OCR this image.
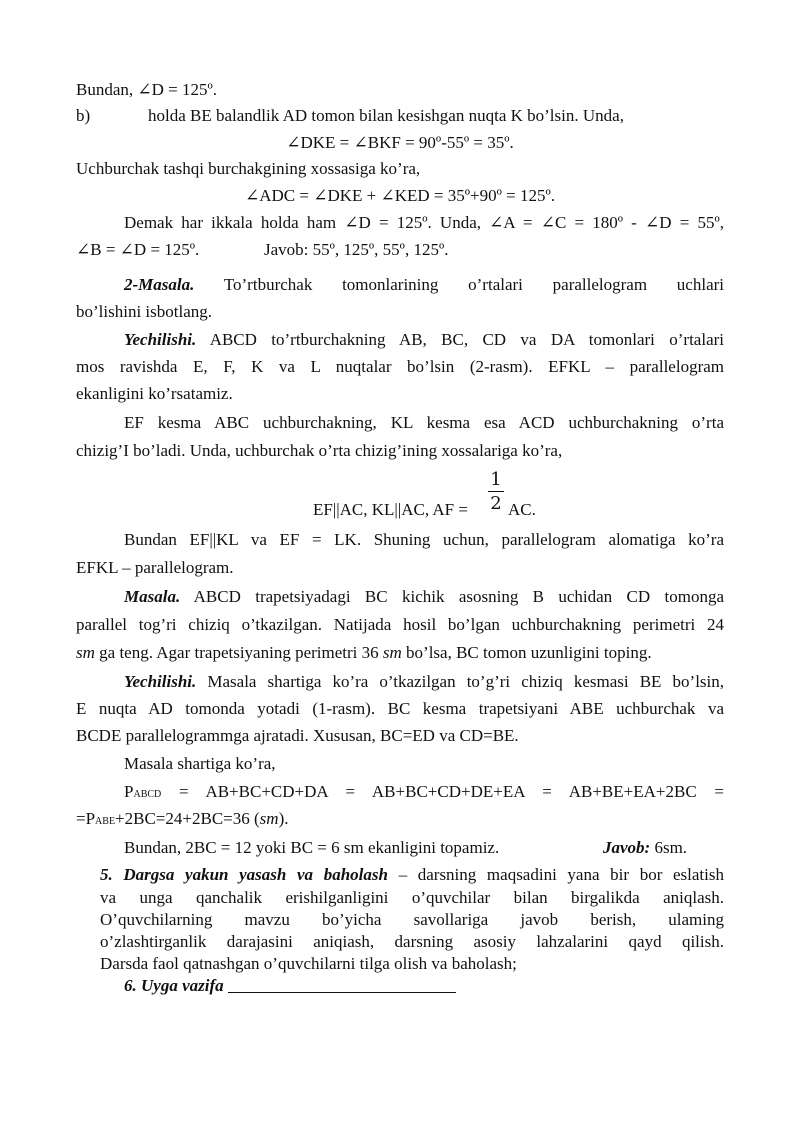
Bundan, ∠D = 125º.
b)	holda BE balandlik AD tomon bilan kesishgan nuqta K bo’lsin. Unda,
∠DKE = ∠BKF = 90º-55º = 35º.
Uchburchak tashqi burchakgining xossasiga ko’ra,
∠ADC = ∠DKE + ∠KED = 35º+90º = 125º.
Demak har ikkala holda ham ∠D = 125º. Unda, ∠A = ∠C = 180º - ∠D = 55º,
∠B = ∠D = 125º.	Javob: 55º, 125º, 55º, 125º.
2-Masala. To’rtburchak tomonlarining o’rtalari parallelogram uchlari
bo’lishini isbotlang.
Yechilishi. ABCD to’rtburchakning AB, BC, CD va DA tomonlari o’rtalari
mos ravishda E, F, K va L nuqtalar bo’lsin (2-rasm). EFKL – parallelogram
ekanligini ko’rsatamiz.
EF kesma ABC uchburchakning, KL kesma esa ACD uchburchakning o’rta
chizig’I bo’ladi. Unda, uchburchak o’rta chizig’ining xossalariga ko’ra,
1
2
EF||AC, KL||AC, AF = AC.
Bundan EF||KL va EF = LK. Shuning uchun, parallelogram alomatiga ko’ra
EFKL – parallelogram.
Masala. ABCD trapetsiyadagi BC kichik asosning B uchidan CD tomonga
parallel tog’ri chiziq o’tkazilgan. Natijada hosil bo’lgan uchburchakning perimetri 24
sm ga teng. Agar trapetsiyaning perimetri 36 sm bo’lsa, BC tomon uzunligini toping.
Yechilishi. Masala shartiga ko’ra o’tkazilgan to’g’ri chiziq kesmasi BE bo’lsin,
E nuqta AD tomonda yotadi (1-rasm). BC kesma trapetsiyani ABE uchburchak va
BCDE parallelogrammga ajratadi. Xususan, BC=ED va CD=BE.
Masala shartiga ko’ra,
PABCD = AB+BC+CD+DA = AB+BC+CD+DE+EA = AB+BE+EA+2BC =
=PABE+2BC=24+2BC=36 (sm).
Bundan, 2BC = 12 yoki BC = 6 sm ekanligini topamiz.	Javob: 6sm.
5. Dargsa yakun yasash va baholash – darsning maqsadini yana bir bor eslatish
va unga qanchalik erishilganligini o’quvchilar bilan birgalikda aniqlash.
O’quvchilarning mavzu bo’yicha savollariga javob berish, ulaming
o’zlashtirganlik darajasini aniqiash, darsning asosiy lahzalarini qayd qilish.
Darsda faol qatnashgan o’quvchilarni tilga olish va baholash;
6. Uyga vazifa
